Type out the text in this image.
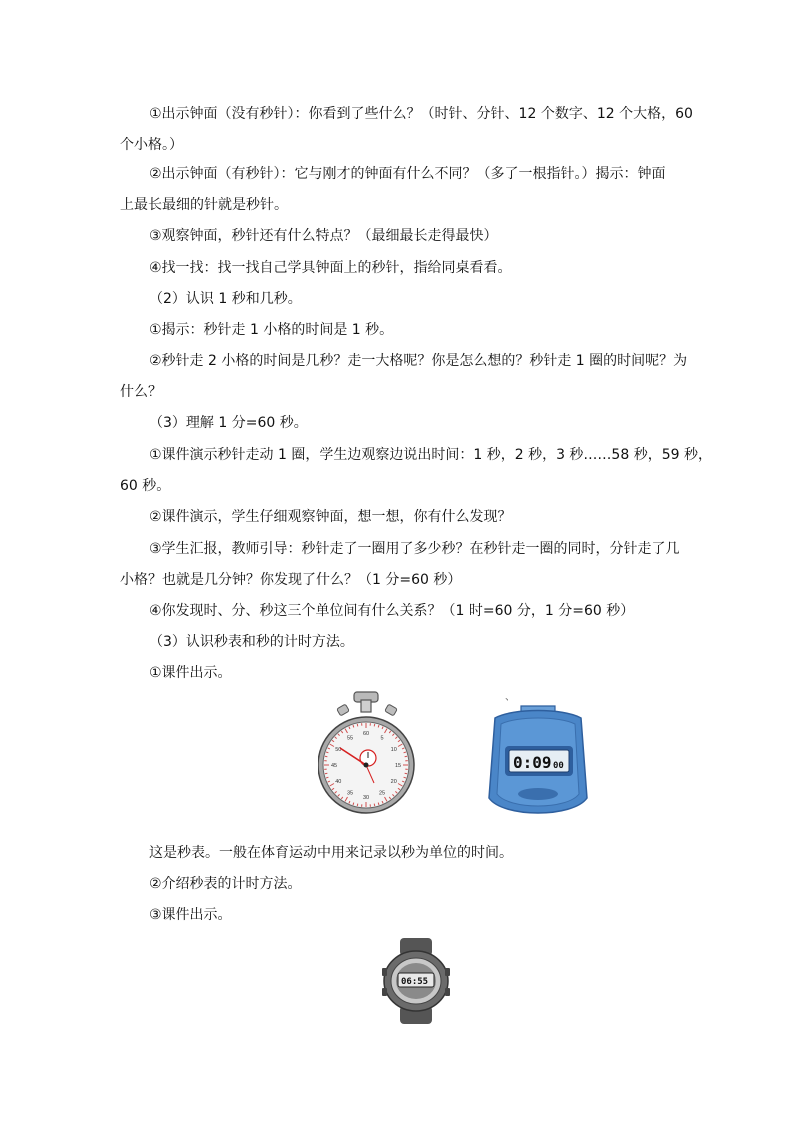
①出示钟面（没有秒针）：你看到了些什么？（时针、分针、12 个数字、12 个大格，60
个小格。）
②出示钟面（有秒针）：它与刚才的钟面有什么不同？（多了一根指针。）揭示：钟面
上最长最细的针就是秒针。
③观察钟面，秒针还有什么特点？（最细最长走得最快）
④找一找：找一找自己学具钟面上的秒针，指给同桌看看。
（2）认识 1 秒和几秒。
①揭示：秒针走 1 小格的时间是 1 秒。
②秒针走 2 小格的时间是几秒？走一大格呢？你是怎么想的？秒针走 1 圈的时间呢？为
什么？
（3）理解 1 分=60 秒。
①课件演示秒针走动 1 圈，学生边观察边说出时间：1 秒，2 秒，3 秒……58 秒，59 秒，
60 秒。
②课件演示，学生仔细观察钟面，想一想，你有什么发现？
③学生汇报，教师引导：秒针走了一圈用了多少秒？在秒针走一圈的同时，分针走了几
小格？也就是几分钟？你发现了什么？（1 分=60 秒）
④你发现时、分、秒这三个单位间有什么关系？（1 时=60 分，1 分=60 秒）
（3）认识秒表和秒的计时方法。
①课件出示。
、
60
5
10
15
20
25
30
35
40
45
50
55
0:09 00
这是秒表。一般在体育运动中用来记录以秒为单位的时间。
②介绍秒表的计时方法。
③课件出示。
06:55
